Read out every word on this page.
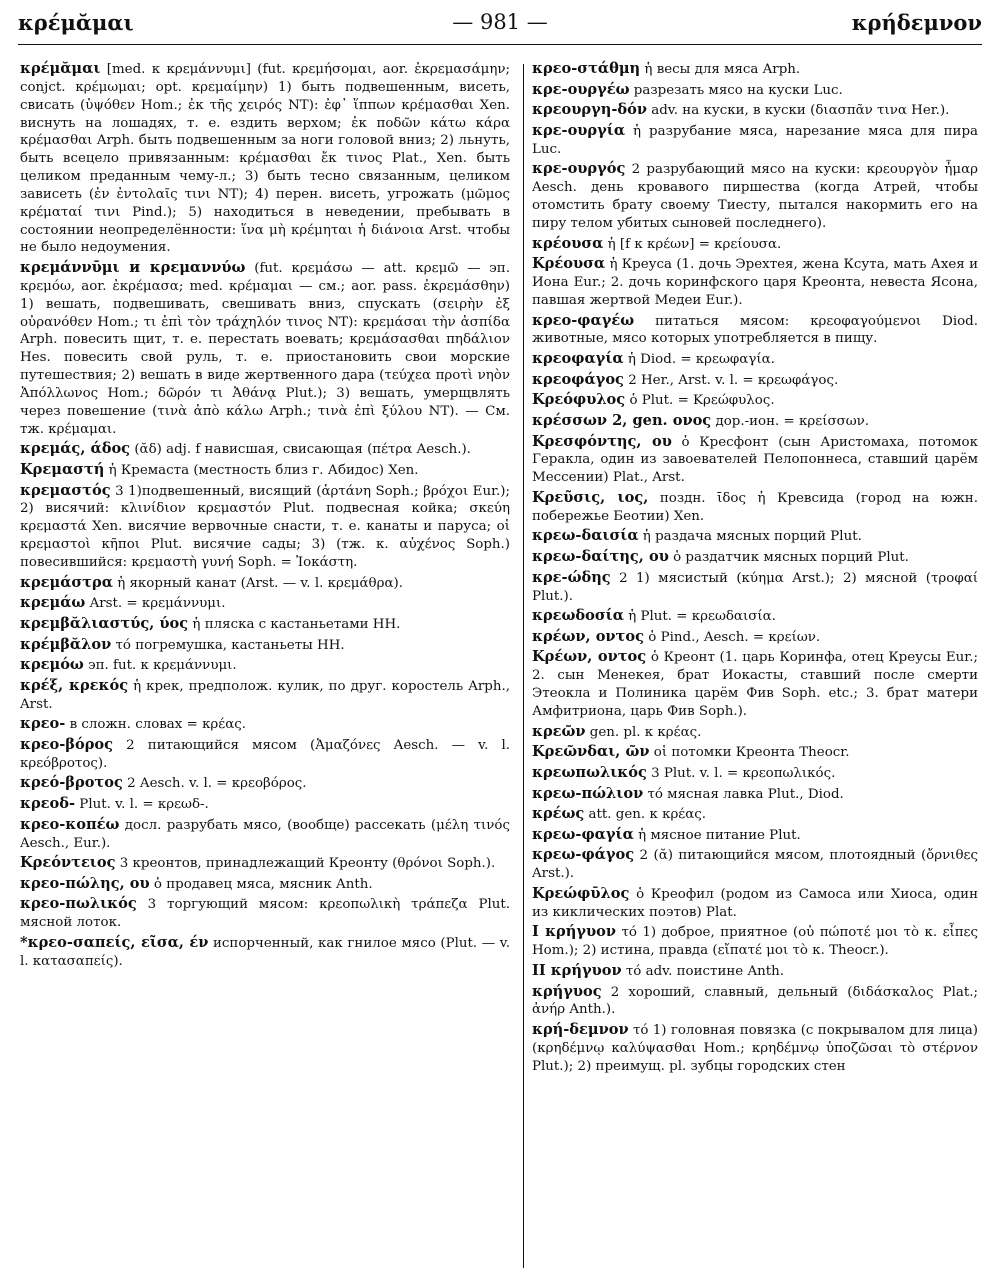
κρέμᾰμαι	— 981 —	κρήδεμνον

κρέμᾰμαι [med. к κρεμάννυμι] (fut. κρεμήσομαι, aor. ἐκρεμασάμην; conjct. κρέμωμαι; opt. κρεμαίμην) 1) быть подвешенным, висеть, свисать (ὑψόθεν Hom.; ἐκ τῆς χειρός NT): ἐφ᾽ ἵππων κρέμασθαι Xen. виснуть на лошадях, т. е. ездить верхом; ἐκ ποδῶν κάτω κάρα κρέμασθαι Arph. быть подвешенным за ноги головой вниз; 2) льнуть, быть всецело привязанным: κρέμασθαι ἔκ τινος Plat., Xen. быть целиком преданным чему-л.; 3) быть тесно связанным, целиком зависеть (ἐν ἐντολαῖς τινι NT); 4) перен. висеть, угрожать (μῶμος κρέματαί τινι Pind.); 5) находиться в неведении, пребывать в состоянии неопределённости: ἵνα μὴ κρέμηται ἡ διάνοια Arst. чтобы не было недоумения.

κρεμάννῡμι и κρεμαννύω (fut. κρεμάσω — att. κρεμῶ — эп. κρεμόω, aor. ἐκρέμασα; med. κρέμαμαι — см.; aor. pass. ἐκρεμάσθην) 1) вешать, подвешивать, свешивать вниз, спускать (σειρὴν ἐξ οὐρανόθεν Hom.; τι ἐπὶ τὸν τράχηλόν τινος NT): κρεμάσαι τὴν ἀσπίδα Arph. повесить щит, т. е. перестать воевать; κρεμάσασθαι πηδάλιον Hes. повесить свой руль, т. е. приостановить свои морские путешествия; 2) вешать в виде жертвенного дара (τεύχεα προτὶ νηὸν Ἀπόλλωνος Hom.; δῶρόν τι Ἀθάνᾳ Plut.); 3) вешать, умерщвлять через повешение (τινὰ ἀπὸ κάλω Arph.; τινὰ ἐπὶ ξύλου NT). — См. тж. κρέμαμαι.

κρεμάς, άδος (ᾰδ) adj. f нависшая, свисающая (πέτρα Aesch.).

Κρεμαστή ἡ Кремаста (местность близ г. Абидос) Xen.

κρεμαστός 3 1)подвешенный, висящий (ἀρτάνη Soph.; βρόχοι Eur.); 2) висячий: κλινίδιον κρεμαστόν Plut. подвесная койка; σκεύη κρεμαστά Xen. висячие вервочные снасти, т. е. канаты и паруса; οἱ κρεμαστοὶ κῆποι Plut. висячие сады; 3) (тж. κ. αὐχένος Soph.) повесившийся: κρεμαστὴ γυνή Soph. = Ἰοκάστη.

κρεμάστρα ἡ якорный канат (Arst. — v. l. κρεμάθρα).

κρεμάω Arst. = κρεμάννυμι.

κρεμβᾰλιαστύς, ύος ἡ пляска с кастаньетами HH.

κρέμβᾰλον τό погремушка, кастаньеты HH.

κρεμόω эп. fut. к κρεμάννυμι.

κρέξ, κρεκός ἡ крек, предполож. кулик, по друг. коростель Arph., Arst.

κρεο- в сложн. словах = κρέας.

κρεο-βόρος 2 питающийся мясом (Ἀμαζόνες Aesch. — v. l. κρεόβροτος).

κρεό-βροτος 2 Aesch. v. l. = κρεοβόρος.

κρεοδ- Plut. v. l. = κρεωδ-.

κρεο-κοπέω досл. разрубать мясо, (вообще) рассекать (μέλη τινός Aesch., Eur.).

Κρεόντειος 3 креонтов, принадлежащий Креонту (θρόνοι Soph.).

κρεο-πώλης, ου ὁ продавец мяса, мясник Anth.

κρεο-πωλικός 3 торгующий мясом: κρεοπωλικὴ τράπεζα Plut. мясной лоток.

*κρεο-σαπείς, εῖσα, έν испорченный, как гнилое мясо (Plut. — v. l. κατασαπείς).

κρεο-στάθμη ἡ весы для мяса Arph.

κρε-ουργέω разрезать мясо на куски Luc.

κρεουργη-δόν adv. на куски, в куски (διασπᾶν τινα Her.).

κρε-ουργία ἡ разрубание мяса, нарезание мяса для пира Luc.

κρε-ουργός 2 разрубающий мясо на куски: κρεουργὸν ἦμαρ Aesch. день кровавого пиршества (когда Атрей, чтобы отомстить брату своему Тиесту, пытался накормить его на пиру телом убитых сыновей последнего).

κρέουσα ἡ [f к κρέων] = κρείουσα.

Κρέουσα ἡ Креуса (1. дочь Эрехтея, жена Ксута, мать Ахея и Иона Eur.; 2. дочь коринфского царя Креонта, невеста Ясона, павшая жертвой Медеи Eur.).

κρεο-φαγέω питаться мясом: κρεοφαγούμενοι Diod. животные, мясо которых употребляется в пищу.

κρεοφαγία ἡ Diod. = κρεωφαγία.

κρεοφάγος 2 Her., Arst. v. l. = κρεωφάγος.

Κρεόφυλος ὁ Plut. = Κρεώφυλος.

κρέσσων 2, gen. ονος дор.-ион. = κρείσσων.

Κρεσφόντης, ου ὁ Кресфонт (сын Аристомаха, потомок Геракла, один из завоевателей Пелопоннеса, ставший царём Мессении) Plat., Arst.

Κρεῦσις, ιος, поздн. ῑδος ἡ Кревсида (город на южн. побережье Беотии) Xen.

κρεω-δαισία ἡ раздача мясных порций Plut.

κρεω-δαίτης, ου ὁ раздатчик мясных порций Plut.

κρε-ώδης 2 1) мясистый (κύημα Arst.); 2) мясной (τροφαί Plut.).

κρεωδοσία ἡ Plut. = κρεωδαισία.

κρέων, οντος ὁ Pind., Aesch. = κρείων.

Κρέων, οντος ὁ Креонт (1. царь Коринфа, отец Креусы Eur.; 2. сын Менекея, брат Иокасты, ставший после смерти Этеокла и Полиника царём Фив Soph. etc.; 3. брат матери Амфитриона, царь Фив Soph.).

κρεῶν gen. pl. к κρέας.

Κρεῶνδαι, ῶν οἱ потомки Креонта Theocr.

κρεωπωλικός 3 Plut. v. l. = κρεοπωλικός.

κρεω-πώλιον τό мясная лавка Plut., Diod.

κρέως att. gen. к κρέας.

κρεω-φαγία ἡ мясное питание Plut.

κρεω-φάγος 2 (ᾰ) питающийся мясом, плотоядный (ὄρνιθες Arst.).

Κρεώφῡλος ὁ Креофил (родом из Самоса или Хиоса, один из киклических поэтов) Plat.

I κρήγυον τό 1) доброе, приятное (οὐ πώποτέ μοι τὸ κ. εἶπες Hom.); 2) истина, правда (εἴπατέ μοι τὸ κ. Theocr.).

II κρήγυον τό adv. поистине Anth.

κρήγυος 2 хороший, славный, дельный (διδάσκαλος Plat.; ἀνήρ Anth.).

κρή-δεμνον τό 1) головная повязка (с покрывалом для лица) (κρηδέμνῳ καλύψασθαι Hom.; κρηδέμνῳ ὑποζῶσαι τὸ στέρνον Plut.); 2) преимущ. pl. зубцы городских стен
